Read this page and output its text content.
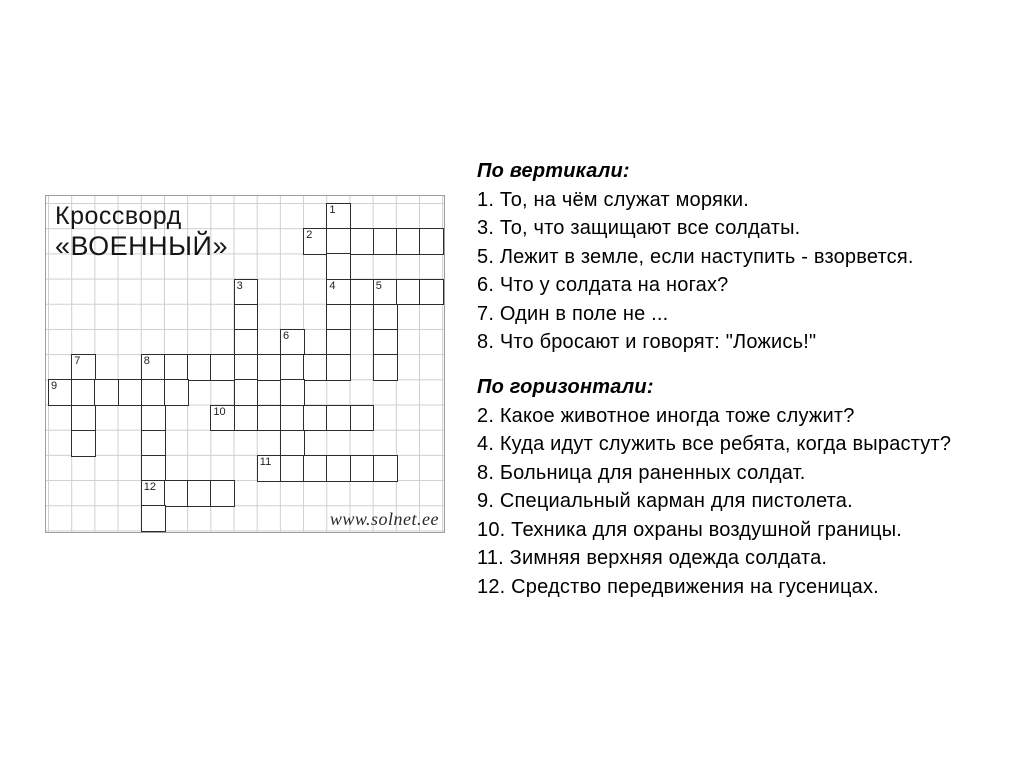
Кроссворд
«ВОЕННЫЙ»
1
2
3	4	5
6
7	8
9
10
11
12
www.solnet.ee
По вертикали:
1. То, на чём служат моряки.
3. То, что защищают все солдаты.
5. Лежит в земле, если наступить - взорвется.
6. Что у солдата на ногах?
7. Один в поле не ...
8. Что бросают и говорят: "Ложись!"
По горизонтали:
2. Какое животное иногда тоже служит?
4. Куда идут служить все ребята, когда вырастут?
8. Больница для раненных солдат.
9. Специальный карман для пистолета.
10. Техника для охраны воздушной границы.
11. Зимняя верхняя одежда солдата.
12. Средство передвижения на гусеницах.
